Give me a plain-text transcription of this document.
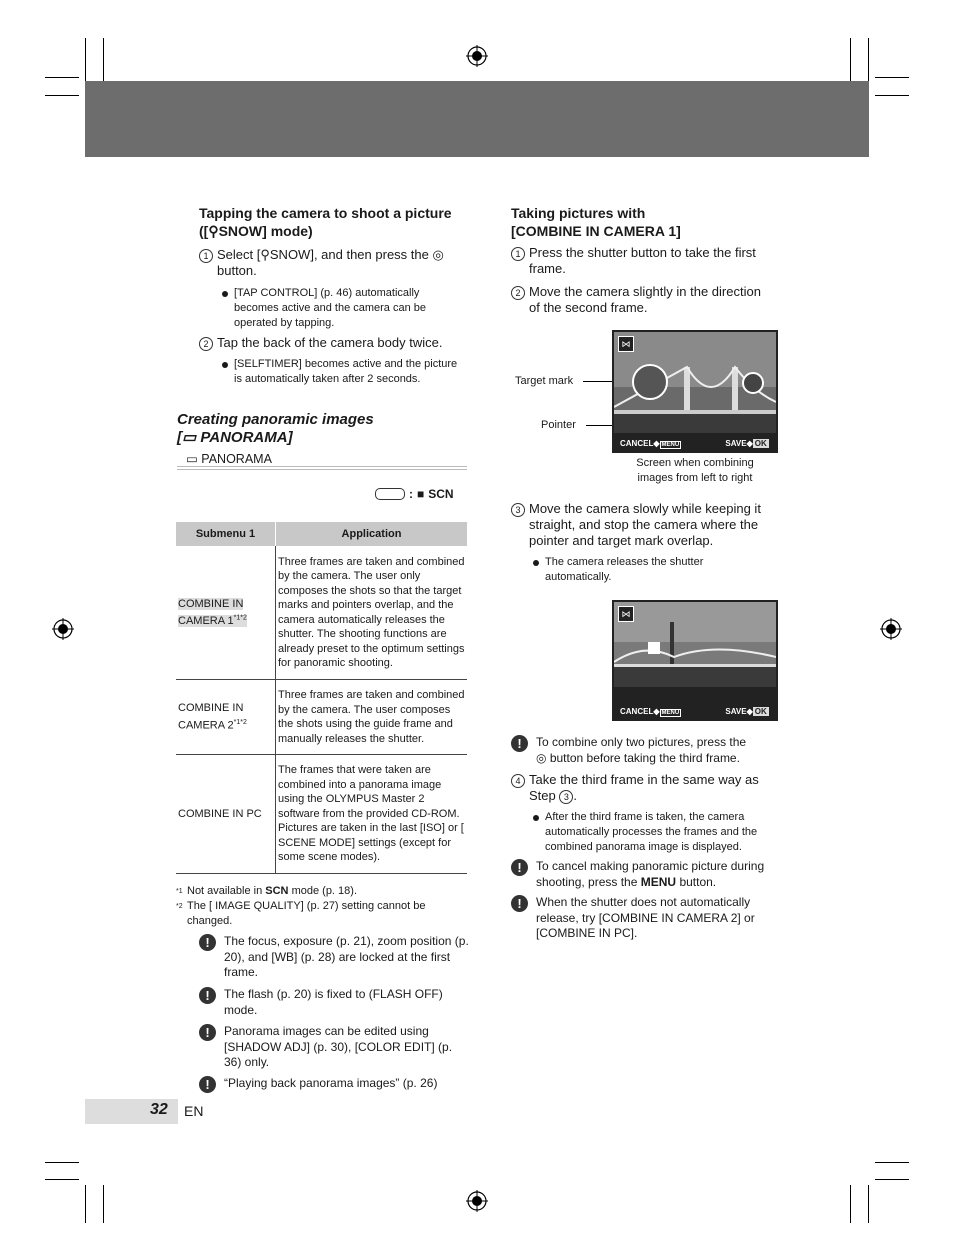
Tapping the camera to shoot a picture
([⚲SNOW] mode)
1 Select [⚲SNOW], and then press the ◎
button.
[TAP CONTROL] (p. 46) automatically becomes active and the camera can be operated by tapping.
2 Tap the back of the camera body twice.
[SELFTIMER] becomes active and the picture is automatically taken after 2 seconds.
Creating panoramic images
[▭ PANORAMA]
▭ PANORAMA
: ■ SCN
Submenu 1	Application
COMBINE IN CAMERA $1^{*1*2}$	Three frames are taken and combined by the camera. The user only composes the shots so that the target marks and pointers overlap, and the camera automatically releases the shutter. The shooting functions are already preset to the optimum settings for panoramic shooting.
COMBINE IN CAMERA $2^{*1*2}$	Three frames are taken and combined by the camera. The user composes the shots using the guide frame and manually releases the shutter.
COMBINE IN PC	The frames that were taken are combined into a panorama image using the OLYMPUS Master 2 software from the provided CD-ROM. Pictures are taken in the last [ISO] or [ SCENE MODE] settings (except for some scene modes).
*1 Not available in SCN mode (p. 18).
*2 The [ IMAGE QUALITY] (p. 27) setting cannot be changed.
!	The focus, exposure (p. 21), zoom position (p. 20), and [WB] (p. 28) are locked at the first frame.
!	The flash (p. 20) is fixed to (FLASH OFF) mode.
!	Panorama images can be edited using [SHADOW ADJ] (p. 30), [COLOR EDIT] (p. 36) only.
!	“Playing back panorama images” (p. 26)
32 EN
Taking pictures with
[COMBINE IN CAMERA 1]
1 Press the shutter button to take the first frame.
2 Move the camera slightly in the direction of the second frame.
Target mark
Pointer
⋈
CANCEL◆ MENU	SAVE◆ OK
Screen when combining images from left to right
3 Move the camera slowly while keeping it straight, and stop the camera where the pointer and target mark overlap.
The camera releases the shutter automatically.
⋈
CANCEL◆ MENU	SAVE◆ OK
!	To combine only two pictures, press the
◎ button before taking the third frame.
4 Take the third frame in the same way as Step 3 .
After the third frame is taken, the camera automatically processes the frames and the combined panorama image is displayed.
!	To cancel making panoramic picture during shooting, press the MENU button.
!	When the shutter does not automatically release, try [COMBINE IN CAMERA 2] or [COMBINE IN PC].
